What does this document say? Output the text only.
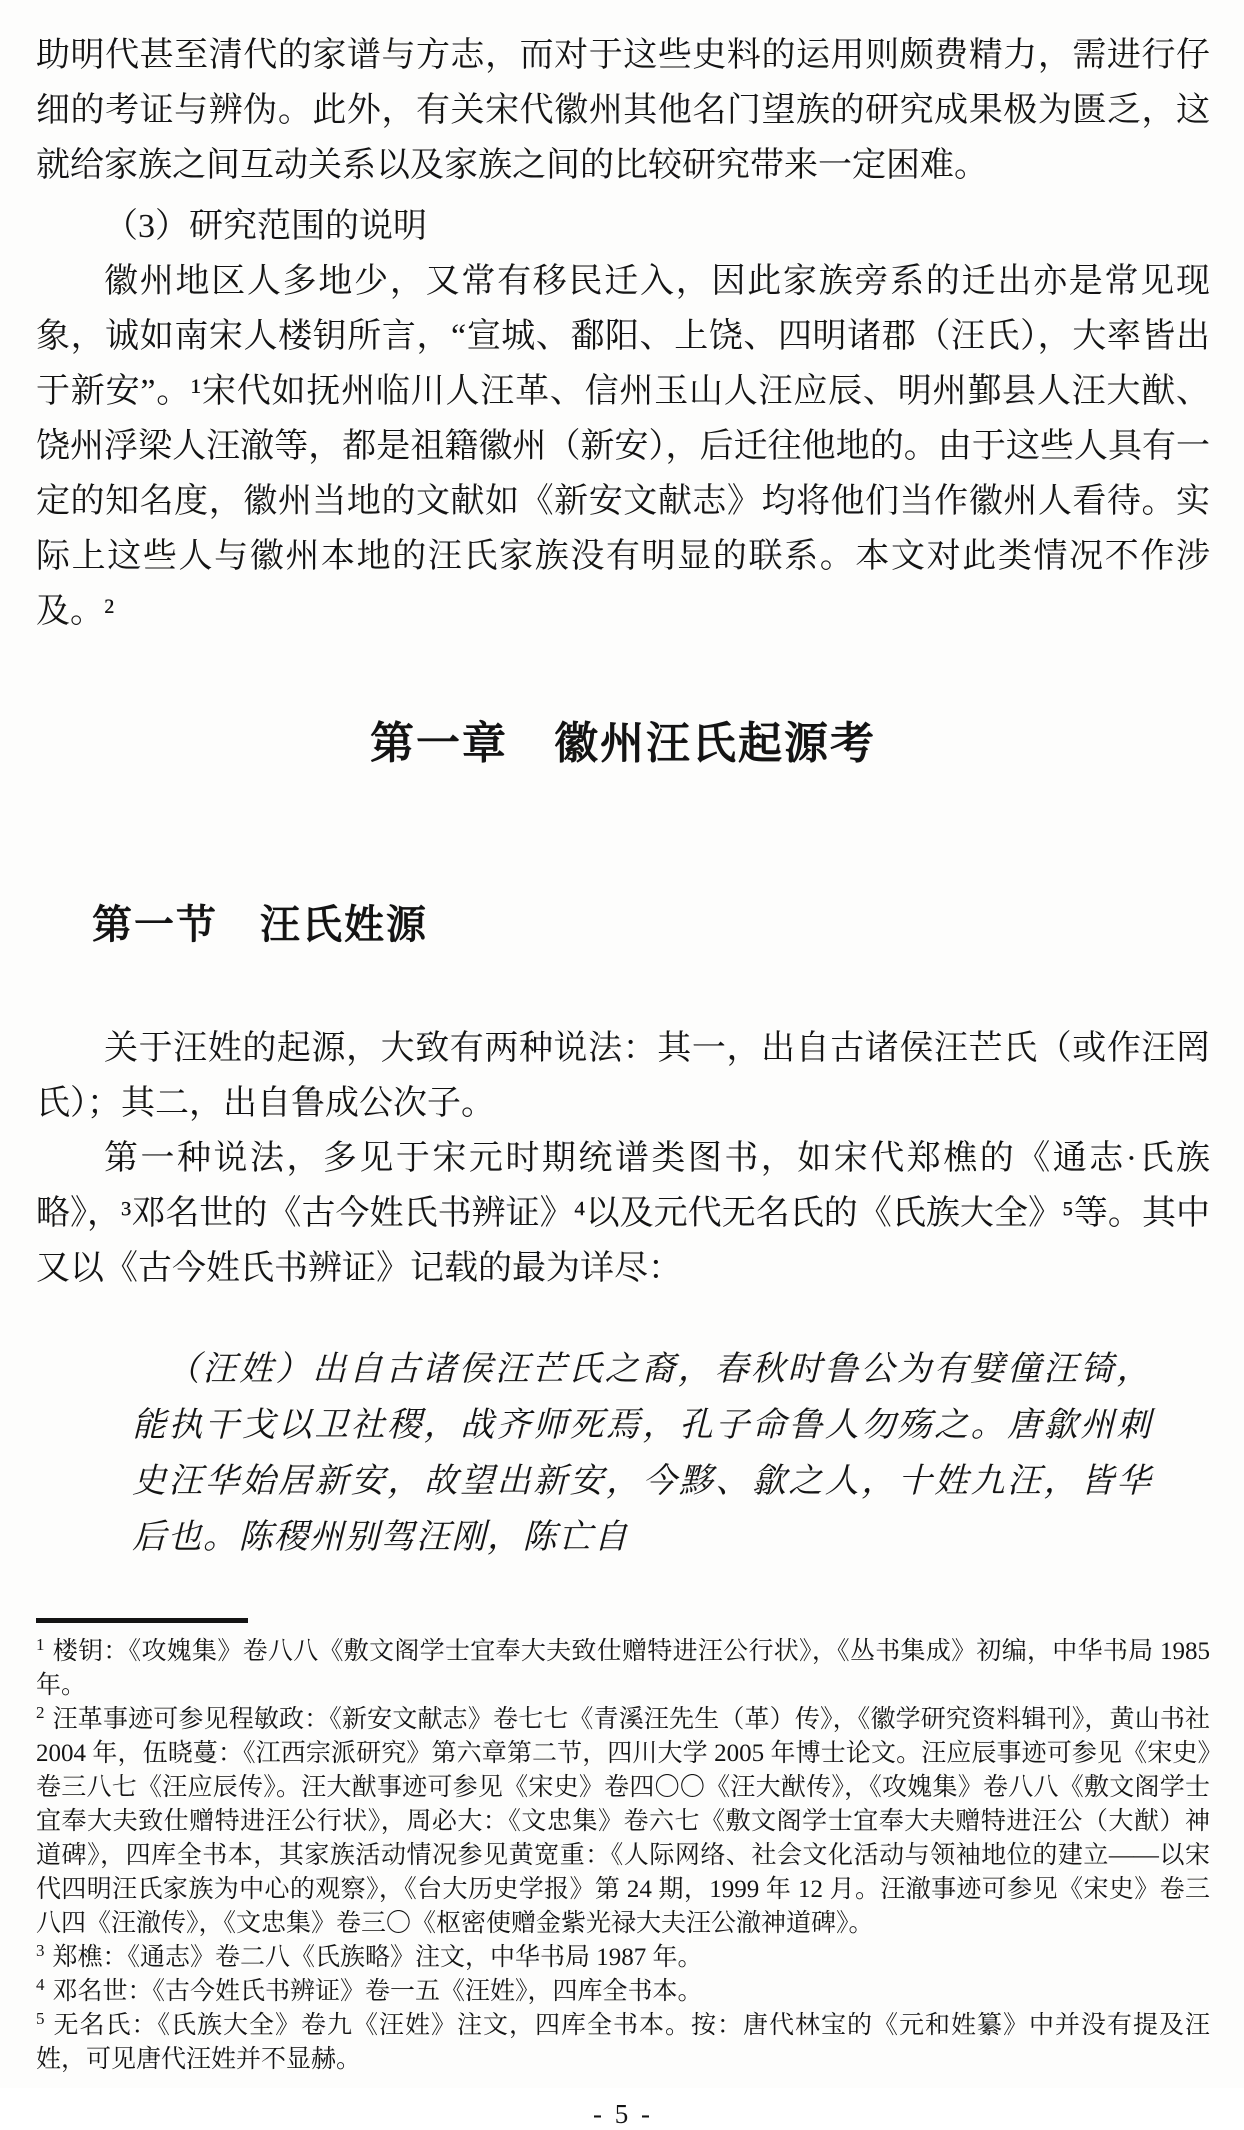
助明代甚至清代的家谱与方志，而对于这些史料的运用则颇费精力，需进行仔细的考证与辨伪。此外，有关宋代徽州其他名门望族的研究成果极为匮乏，这就给家族之间互动关系以及家族之间的比较研究带来一定困难。

（3）研究范围的说明

徽州地区人多地少，又常有移民迁入，因此家族旁系的迁出亦是常见现象，诚如南宋人楼钥所言，“宣城、鄱阳、上饶、四明诸郡（汪氏），大率皆出于新安”。¹宋代如抚州临川人汪革、信州玉山人汪应辰、明州鄞县人汪大猷、饶州浮梁人汪澈等，都是祖籍徽州（新安），后迁往他地的。由于这些人具有一定的知名度，徽州当地的文献如《新安文献志》均将他们当作徽州人看待。实际上这些人与徽州本地的汪氏家族没有明显的联系。本文对此类情况不作涉及。²

第一章　徽州汪氏起源考
第一节　汪氏姓源

关于汪姓的起源，大致有两种说法：其一，出自古诸侯汪芒氏（或作汪罔氏）；其二，出自鲁成公次子。

第一种说法，多见于宋元时期统谱类图书，如宋代郑樵的《通志·氏族略》，³邓名世的《古今姓氏书辨证》⁴以及元代无名氏的《氏族大全》⁵等。其中又以《古今姓氏书辨证》记载的最为详尽：

（汪姓）出自古诸侯汪芒氏之裔，春秋时鲁公为有嬖僮汪锜，能执干戈以卫社稷，战齐师死焉，孔子命鲁人勿殇之。唐歙州刺史汪华始居新安，故望出新安，今黟、歙之人，十姓九汪，皆华后也。陈稷州别驾汪刚，陈亡自

$^1$ 楼钥：《攻媿集》卷八八《敷文阁学士宜奉大夫致仕赠特进汪公行状》，《丛书集成》初编，中华书局 1985 年。

$^2$ 汪革事迹可参见程敏政：《新安文献志》卷七七《青溪汪先生（革）传》，《徽学研究资料辑刊》，黄山书社 2004 年，伍晓蔓：《江西宗派研究》第六章第二节，四川大学 2005 年博士论文。汪应辰事迹可参见《宋史》卷三八七《汪应辰传》。汪大猷事迹可参见《宋史》卷四〇〇《汪大猷传》，《攻媿集》卷八八《敷文阁学士宜奉大夫致仕赠特进汪公行状》，周必大：《文忠集》卷六七《敷文阁学士宜奉大夫赠特进汪公（大猷）神道碑》，四库全书本，其家族活动情况参见黄宽重：《人际网络、社会文化活动与领袖地位的建立——以宋代四明汪氏家族为中心的观察》，《台大历史学报》第 24 期，1999 年 12 月。汪澈事迹可参见《宋史》卷三八四《汪澈传》，《文忠集》卷三〇《枢密使赠金紫光禄大夫汪公澈神道碑》。

$^3$ 郑樵：《通志》卷二八《氏族略》注文，中华书局 1987 年。

$^4$ 邓名世：《古今姓氏书辨证》卷一五《汪姓》，四库全书本。

$^5$ 无名氏：《氏族大全》卷九《汪姓》注文，四库全书本。按：唐代林宝的《元和姓纂》中并没有提及汪姓，可见唐代汪姓并不显赫。

- 5 -
